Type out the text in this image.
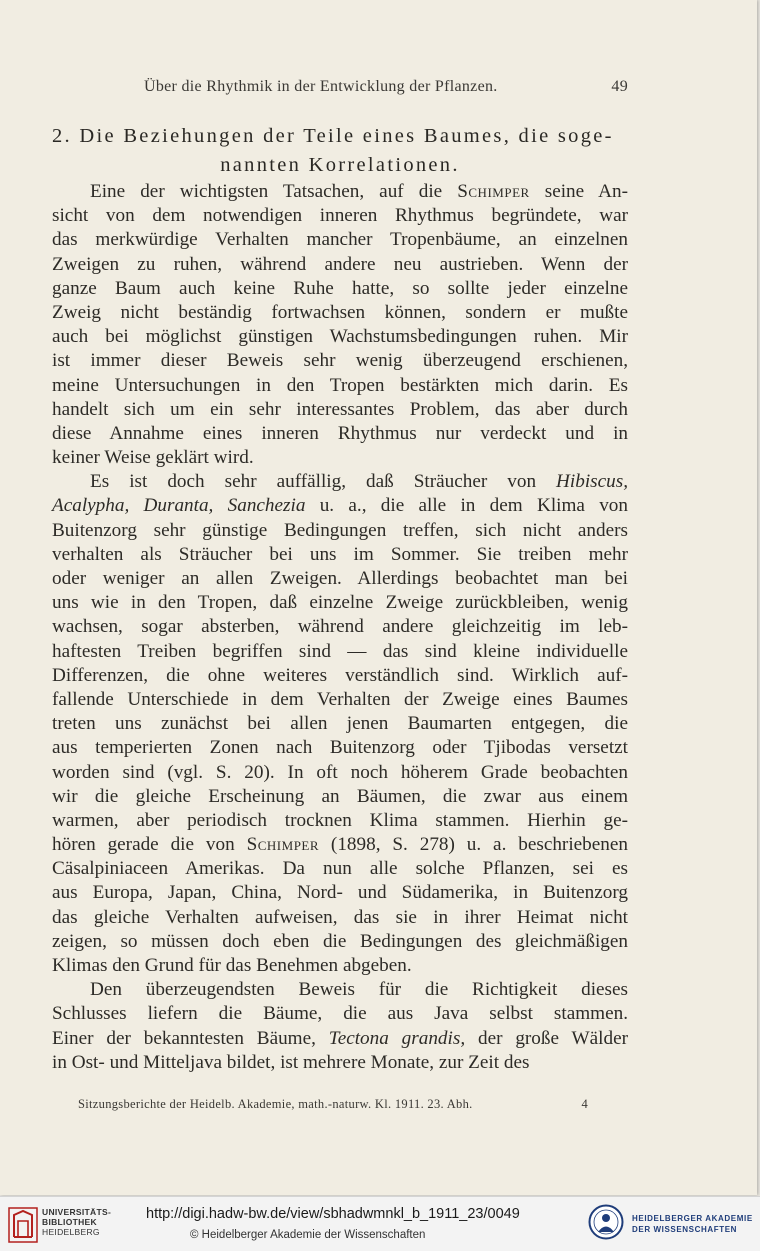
Über die Rhythmik in der Entwicklung der Pflanzen.	49
2. Die Beziehungen der Teile eines Baumes, die soge-
nannten Korrelationen.
Eine der wichtigsten Tatsachen, auf die Schimper seine An-
sicht von dem notwendigen inneren Rhythmus begründete, war
das merkwürdige Verhalten mancher Tropenbäume, an einzelnen
Zweigen zu ruhen, während andere neu austrieben. Wenn der
ganze Baum auch keine Ruhe hatte, so sollte jeder einzelne
Zweig nicht beständig fortwachsen können, sondern er mußte
auch bei möglichst günstigen Wachstumsbedingungen ruhen. Mir
ist immer dieser Beweis sehr wenig überzeugend erschienen,
meine Untersuchungen in den Tropen bestärkten mich darin. Es
handelt sich um ein sehr interessantes Problem, das aber durch
diese Annahme eines inneren Rhythmus nur verdeckt und in
keiner Weise geklärt wird.
Es ist doch sehr auffällig, daß Sträucher von Hibiscus,
Acalypha, Duranta, Sanchezia u. a., die alle in dem Klima von
Buitenzorg sehr günstige Bedingungen treffen, sich nicht anders
verhalten als Sträucher bei uns im Sommer. Sie treiben mehr
oder weniger an allen Zweigen. Allerdings beobachtet man bei
uns wie in den Tropen, daß einzelne Zweige zurückbleiben, wenig
wachsen, sogar absterben, während andere gleichzeitig im leb-
haftesten Treiben begriffen sind — das sind kleine individuelle
Differenzen, die ohne weiteres verständlich sind. Wirklich auf-
fallende Unterschiede in dem Verhalten der Zweige eines Baumes
treten uns zunächst bei allen jenen Baumarten entgegen, die
aus temperierten Zonen nach Buitenzorg oder Tjibodas versetzt
worden sind (vgl. S. 20). In oft noch höherem Grade beobachten
wir die gleiche Erscheinung an Bäumen, die zwar aus einem
warmen, aber periodisch trocknen Klima stammen. Hierhin ge-
hören gerade die von Schimper (1898, S. 278) u. a. beschriebenen
Cäsalpiniaceen Amerikas. Da nun alle solche Pflanzen, sei es
aus Europa, Japan, China, Nord- und Südamerika, in Buitenzorg
das gleiche Verhalten aufweisen, das sie in ihrer Heimat nicht
zeigen, so müssen doch eben die Bedingungen des gleichmäßigen
Klimas den Grund für das Benehmen abgeben.
Den überzeugendsten Beweis für die Richtigkeit dieses
Schlusses liefern die Bäume, die aus Java selbst stammen.
Einer der bekanntesten Bäume, Tectona grandis, der große Wälder
in Ost- und Mitteljava bildet, ist mehrere Monate, zur Zeit des
Sitzungsberichte der Heidelb. Akademie, math.-naturw. Kl. 1911. 23. Abh.	4
UNIVERSITÄTS-
BIBLIOTHEK
HEIDELBERG
http://digi.hadw-bw.de/view/sbhadwmnkl_b_1911_23/0049
© Heidelberger Akademie der Wissenschaften
HEIDELBERGER AKADEMIE
DER WISSENSCHAFTEN
